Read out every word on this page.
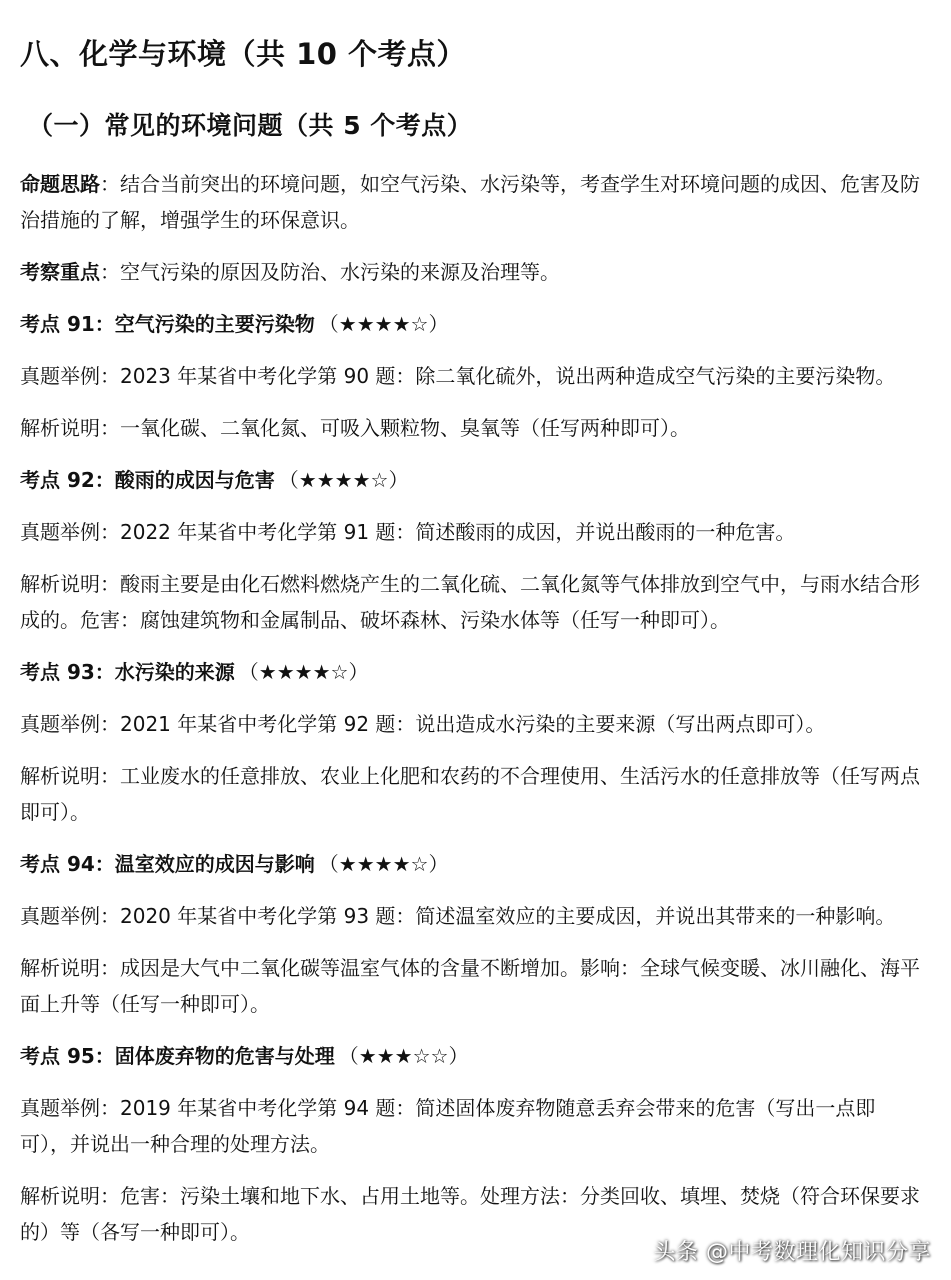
八、化学与环境（共 10 个考点）
（一）常见的环境问题（共 5 个考点）
命题思路：结合当前突出的环境问题，如空气污染、水污染等，考查学生对环境问题的成因、危害及防治措施的了解，增强学生的环保意识。
考察重点：空气污染的原因及防治、水污染的来源及治理等。
考点 91：空气污染的主要污染物 （★★★★☆）
真题举例：2023 年某省中考化学第 90 题：除二氧化硫外，说出两种造成空气污染的主要污染物。
解析说明：一氧化碳、二氧化氮、可吸入颗粒物、臭氧等（任写两种即可）。
考点 92：酸雨的成因与危害 （★★★★☆）
真题举例：2022 年某省中考化学第 91 题：简述酸雨的成因，并说出酸雨的一种危害。
解析说明：酸雨主要是由化石燃料燃烧产生的二氧化硫、二氧化氮等气体排放到空气中，与雨水结合形成的。危害：腐蚀建筑物和金属制品、破坏森林、污染水体等（任写一种即可）。
考点 93：水污染的来源 （★★★★☆）
真题举例：2021 年某省中考化学第 92 题：说出造成水污染的主要来源（写出两点即可）。
解析说明：工业废水的任意排放、农业上化肥和农药的不合理使用、生活污水的任意排放等（任写两点即可）。
考点 94：温室效应的成因与影响 （★★★★☆）
真题举例：2020 年某省中考化学第 93 题：简述温室效应的主要成因，并说出其带来的一种影响。
解析说明：成因是大气中二氧化碳等温室气体的含量不断增加。影响：全球气候变暖、冰川融化、海平面上升等（任写一种即可）。
考点 95：固体废弃物的危害与处理 （★★★☆☆）
真题举例：2019 年某省中考化学第 94 题：简述固体废弃物随意丢弃会带来的危害（写出一点即可），并说出一种合理的处理方法。
解析说明：危害：污染土壤和地下水、占用土地等。处理方法：分类回收、填埋、焚烧（符合环保要求的）等（各写一种即可）。
头条 @中考数理化知识分享
